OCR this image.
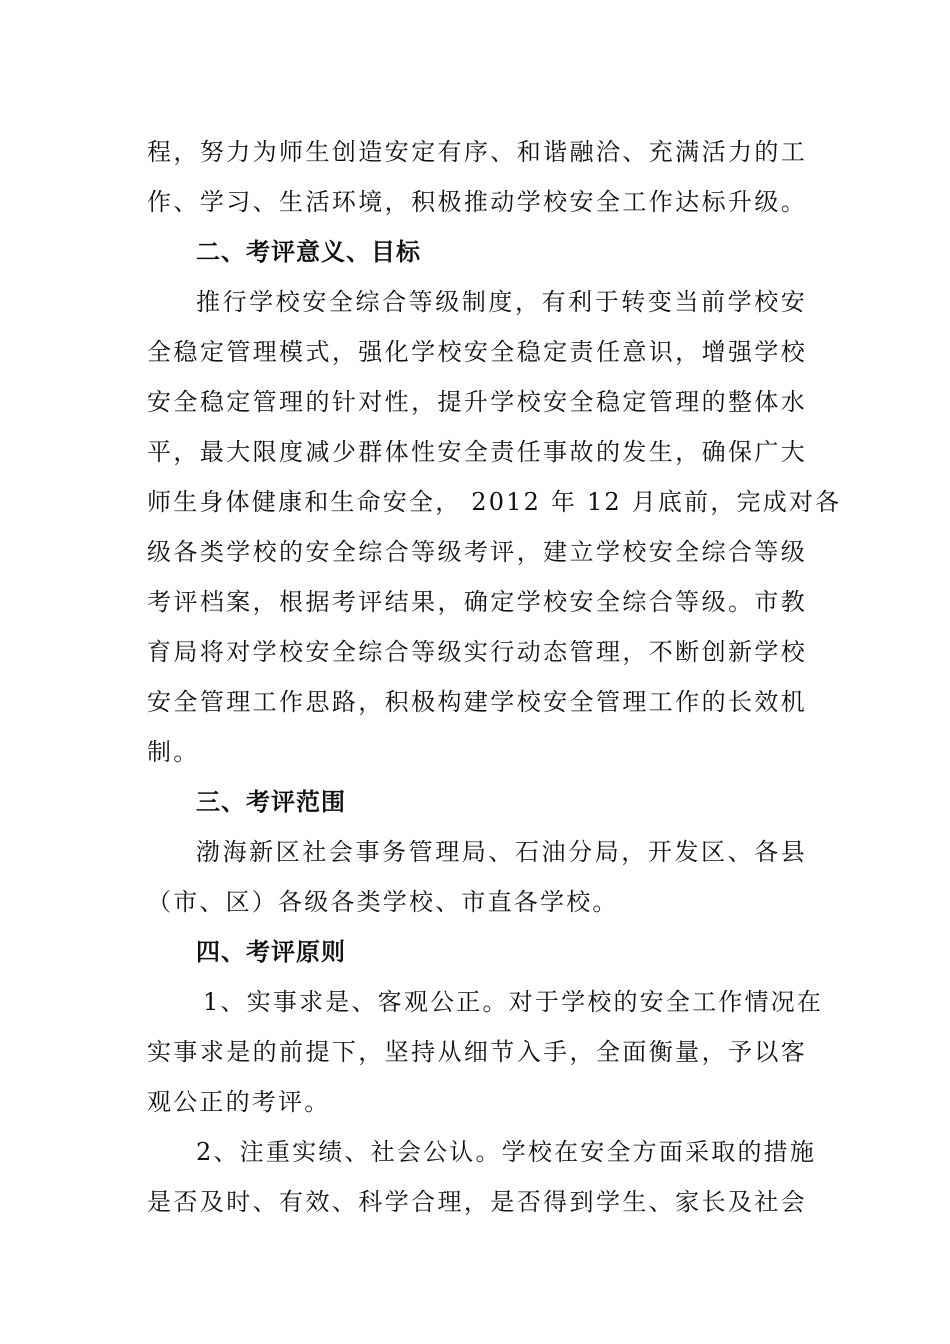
程，努力为师生创造安定有序、和谐融洽、充满活力的工
作、学习、生活环境，积极推动学校安全工作达标升级。
二、考评意义、目标
推行学校安全综合等级制度，有利于转变当前学校安
全稳定管理模式，强化学校安全稳定责任意识，增强学校
安全稳定管理的针对性，提升学校安全稳定管理的整体水
平，最大限度减少群体性安全责任事故的发生，确保广大
师生身体健康和生命安全， 2012 年 12 月底前，完成对各
级各类学校的安全综合等级考评，建立学校安全综合等级
考评档案，根据考评结果，确定学校安全综合等级。市教
育局将对学校安全综合等级实行动态管理，不断创新学校
安全管理工作思路，积极构建学校安全管理工作的长效机
制。
三、考评范围
渤海新区社会事务管理局、石油分局，开发区、各县
（市、区）各级各类学校、市直各学校。
四、考评原则
1、实事求是、客观公正。对于学校的安全工作情况在
实事求是的前提下，坚持从细节入手，全面衡量，予以客
观公正的考评。
2、注重实绩、社会公认。学校在安全方面采取的措施
是否及时、有效、科学合理，是否得到学生、家长及社会
